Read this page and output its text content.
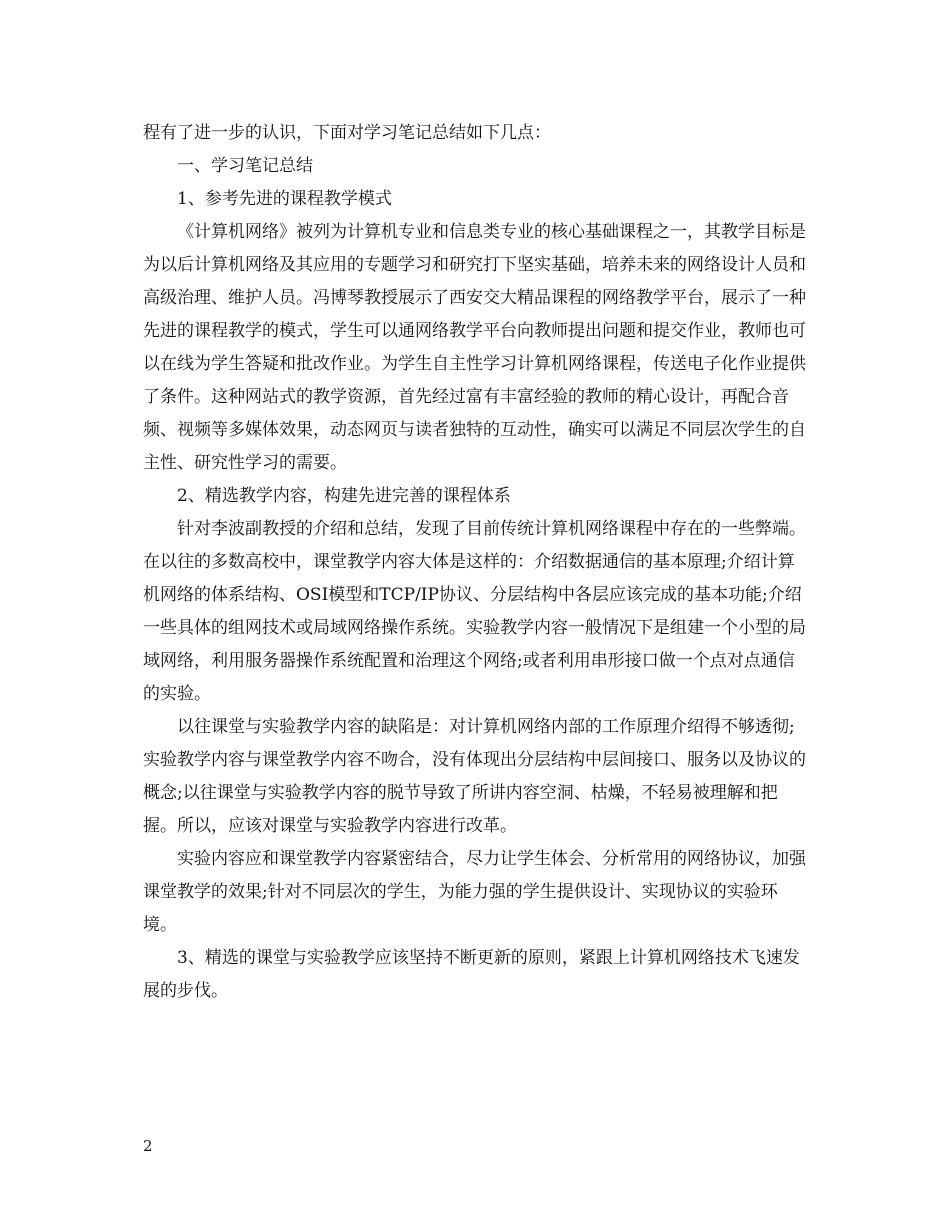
程有了进一步的认识，下面对学习笔记总结如下几点：

一、学习笔记总结

1、参考先进的课程教学模式

《计算机网络》被列为计算机专业和信息类专业的核心基础课程之一，其教学目标是为以后计算机网络及其应用的专题学习和研究打下坚实基础，培养未来的网络设计人员和高级治理、维护人员。冯博琴教授展示了西安交大精品课程的网络教学平台，展示了一种先进的课程教学的模式，学生可以通网络教学平台向教师提出问题和提交作业，教师也可以在线为学生答疑和批改作业。为学生自主性学习计算机网络课程，传送电子化作业提供了条件。这种网站式的教学资源，首先经过富有丰富经验的教师的精心设计，再配合音频、视频等多媒体效果，动态网页与读者独特的互动性，确实可以满足不同层次学生的自主性、研究性学习的需要。

2、精选教学内容，构建先进完善的课程体系

针对李波副教授的介绍和总结，发现了目前传统计算机网络课程中存在的一些弊端。在以往的多数高校中，课堂教学内容大体是这样的：介绍数据通信的基本原理;介绍计算机网络的体系结构、OSI模型和TCP/IP协议、分层结构中各层应该完成的基本功能;介绍一些具体的组网技术或局域网络操作系统。实验教学内容一般情况下是组建一个小型的局域网络，利用服务器操作系统配置和治理这个网络;或者利用串形接口做一个点对点通信的实验。

以往课堂与实验教学内容的缺陷是：对计算机网络内部的工作原理介绍得不够透彻;实验教学内容与课堂教学内容不吻合，没有体现出分层结构中层间接口、服务以及协议的概念;以往课堂与实验教学内容的脱节导致了所讲内容空洞、枯燥，不轻易被理解和把握。所以，应该对课堂与实验教学内容进行改革。

实验内容应和课堂教学内容紧密结合，尽力让学生体会、分析常用的网络协议，加强课堂教学的效果;针对不同层次的学生，为能力强的学生提供设计、实现协议的实验环境。

3、精选的课堂与实验教学应该坚持不断更新的原则，紧跟上计算机网络技术飞速发展的步伐。

2
